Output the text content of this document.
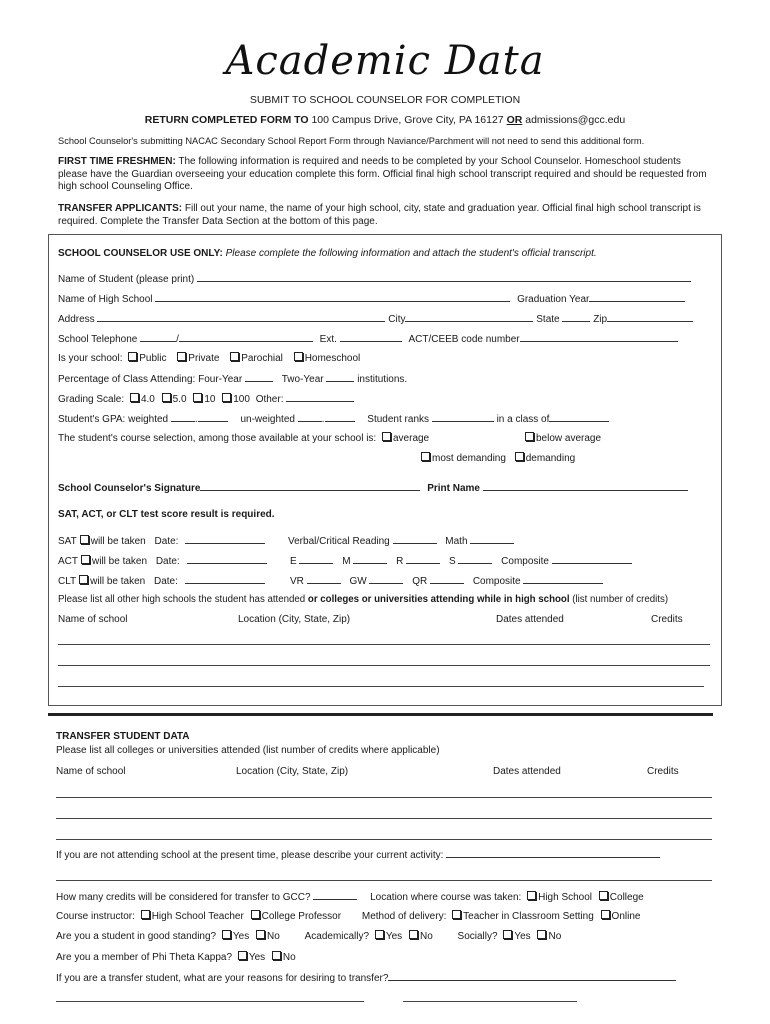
Academic Data
SUBMIT TO SCHOOL COUNSELOR FOR COMPLETION
RETURN COMPLETED FORM TO 100 Campus Drive, Grove City, PA 16127 OR admissions@gcc.edu
School Counselor's submitting NACAC Secondary School Report Form through Naviance/Parchment will not need to send this additional form.
FIRST TIME FRESHMEN: The following information is required and needs to be completed by your School Counselor. Homeschool students please have the Guardian overseeing your education complete this form. Official final high school transcript required and should be requested from high school Counseling Office.
TRANSFER APPLICANTS: Fill out your name, the name of your high school, city, state and graduation year. Official final high school transcript is required. Complete the Transfer Data Section at the bottom of this page.
SCHOOL COUNSELOR USE ONLY: Please complete the following information and attach the student's official transcript.
Name of Student (please print)
Name of High School	Graduation Year
Address	City	State	Zip
School Telephone	/	Ext.	ACT/CEEB code number
Is your school: Public Private Parochial Homeschool
Percentage of Class Attending: Four-Year	Two-Year	institutions.
Grading Scale: 4.0 5.0 10 100 Other:
Student's GPA: weighted	.	un-weighted	.	Student ranks	in a class of
The student's course selection, among those available at your school is: average	below average
most demanding demanding
School Counselor's Signature	Print Name
SAT, ACT, or CLT test score result is required.
SAT will be taken Date:	Verbal/Critical Reading	Math
ACT will be taken Date:	E	M	R	S	Composite
CLT will be taken Date:	VR	GW	QR	Composite
Please list all other high schools the student has attended or colleges or universities attending while in high school (list number of credits)
Name of school	Location (City, State, Zip)	Dates attended	Credits
TRANSFER STUDENT DATA
Please list all colleges or universities attended (list number of credits where applicable)
Name of school	Location (City, State, Zip)	Dates attended	Credits
If you are not attending school at the present time, please describe your current activity:
How many credits will be considered for transfer to GCC?	Location where course was taken: High School College
Course instructor: High School Teacher College Professor Method of delivery: Teacher in Classroom Setting Online
Are you a student in good standing? Yes No Academically? Yes No Socially? Yes No
Are you a member of Phi Theta Kappa? Yes No
If you are a transfer student, what are your reasons for desiring to transfer?
